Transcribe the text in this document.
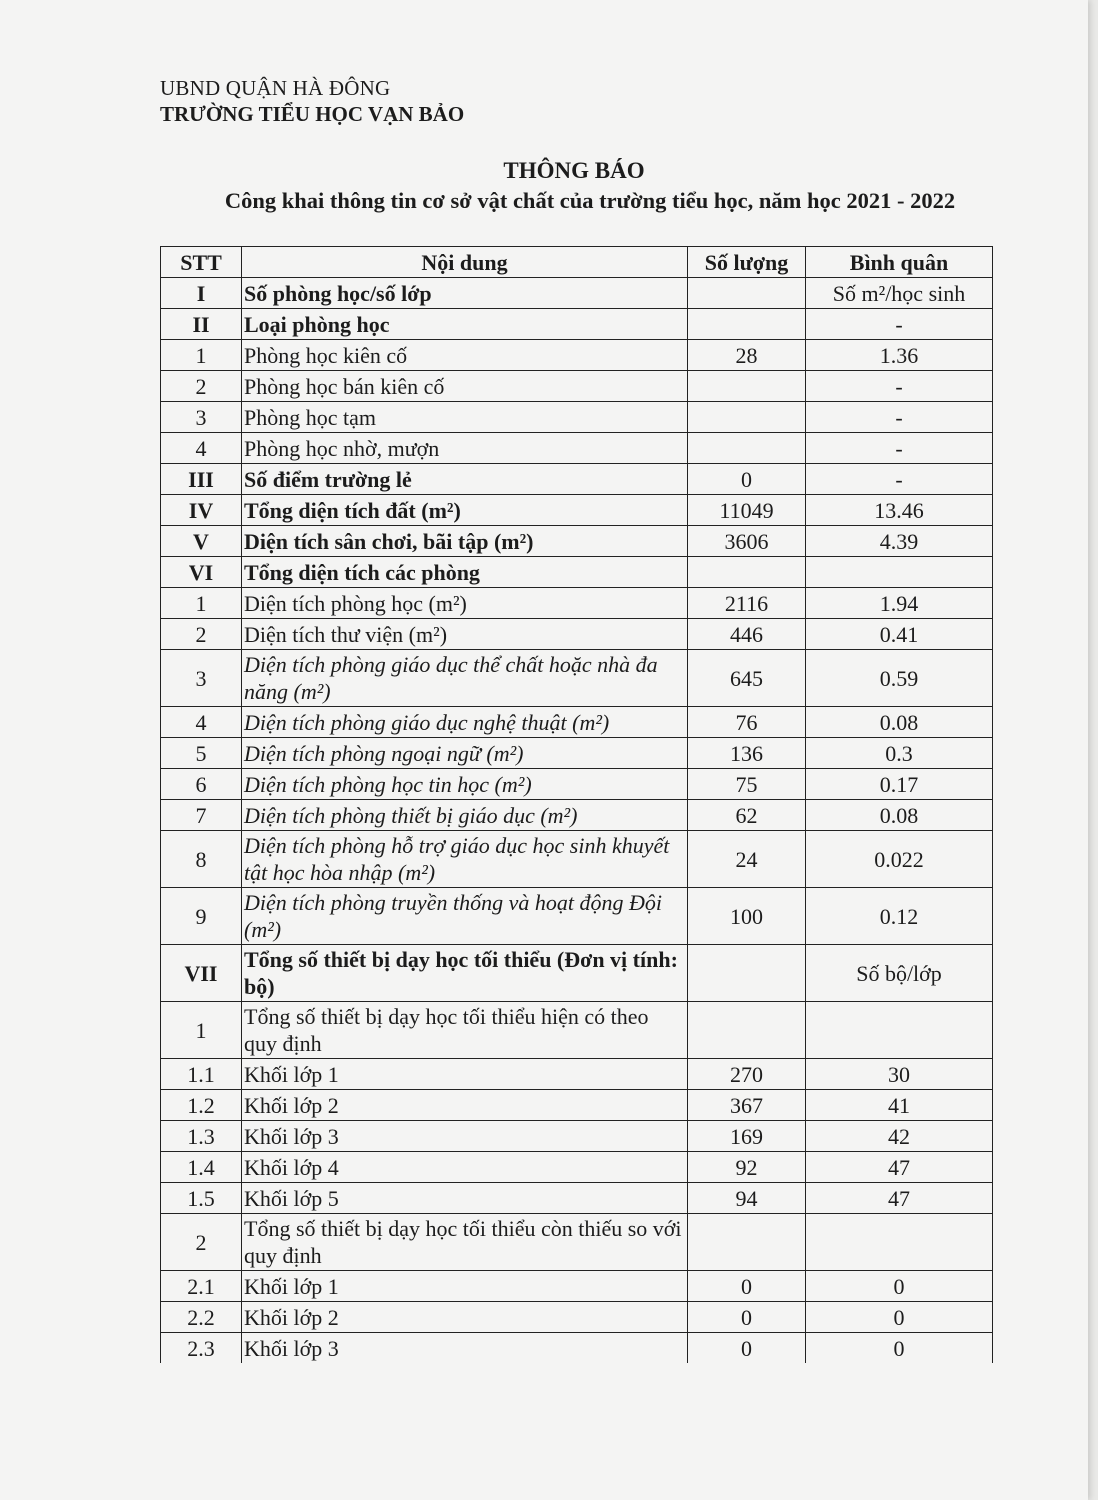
UBND QUẬN HÀ ĐÔNG
TRƯỜNG TIỂU HỌC VẠN BẢO
THÔNG BÁO
Công khai thông tin cơ sở vật chất của trường tiểu học, năm học 2021 - 2022
STT	Nội dung	Số lượng	Bình quân
I	Số phòng học/số lớp		Số m²/học sinh
II	Loại phòng học		-
1	Phòng học kiên cố	28	1.36
2	Phòng học bán kiên cố		-
3	Phòng học tạm		-
4	Phòng học nhờ, mượn		-
III	Số điểm trường lẻ	0	-
IV	Tổng diện tích đất (m²)	11049	13.46
V	Diện tích sân chơi, bãi tập (m²)	3606	4.39
VI	Tổng diện tích các phòng		
1	Diện tích phòng học (m²)	2116	1.94
2	Diện tích thư viện (m²)	446	0.41
3	Diện tích phòng giáo dục thể chất hoặc nhà đa năng (m²)	645	0.59
4	Diện tích phòng giáo dục nghệ thuật (m²)	76	0.08
5	Diện tích phòng ngoại ngữ (m²)	136	0.3
6	Diện tích phòng học tin học (m²)	75	0.17
7	Diện tích phòng thiết bị giáo dục (m²)	62	0.08
8	Diện tích phòng hỗ trợ giáo dục học sinh khuyết tật học hòa nhập (m²)	24	0.022
9	Diện tích phòng truyền thống và hoạt động Đội (m²)	100	0.12
VII	Tổng số thiết bị dạy học tối thiểu (Đơn vị tính: bộ)		Số bộ/lớp
1	Tổng số thiết bị dạy học tối thiểu hiện có theo quy định		
1.1	Khối lớp 1	270	30
1.2	Khối lớp 2	367	41
1.3	Khối lớp 3	169	42
1.4	Khối lớp 4	92	47
1.5	Khối lớp 5	94	47
2	Tổng số thiết bị dạy học tối thiểu còn thiếu so với quy định		
2.1	Khối lớp 1	0	0
2.2	Khối lớp 2	0	0
2.3	Khối lớp 3	0	0
